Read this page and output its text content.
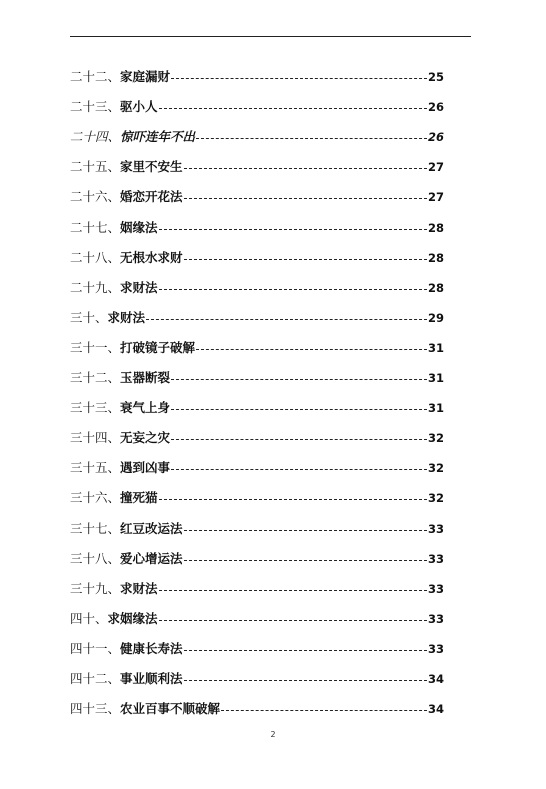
二十二 、 家庭漏财	25
二十三 、 驱小人	26
二十四 、 惊吓连年不出	26
二十五 、 家里不安生	27
二十六 、 婚恋开花法	27
二十七 、 姻缘法	28
二十八 、 无根水求财	28
二十九 、 求财法	28
三十 、 求财法	29
三十一 、 打破镜子破解	31
三十二 、 玉器断裂	31
三十三 、 衰气上身	31
三十四 、 无妄之灾	32
三十五 、 遇到凶事	32
三十六 、 撞死猫	32
三十七 、 红豆改运法	33
三十八 、 爱心增运法	33
三十九 、 求财法	33
四十 、 求姻缘法	33
四十一 、 健康长寿法	33
四十二 、 事业顺利法	34
四十三 、 农业百事不顺破解	34
2
